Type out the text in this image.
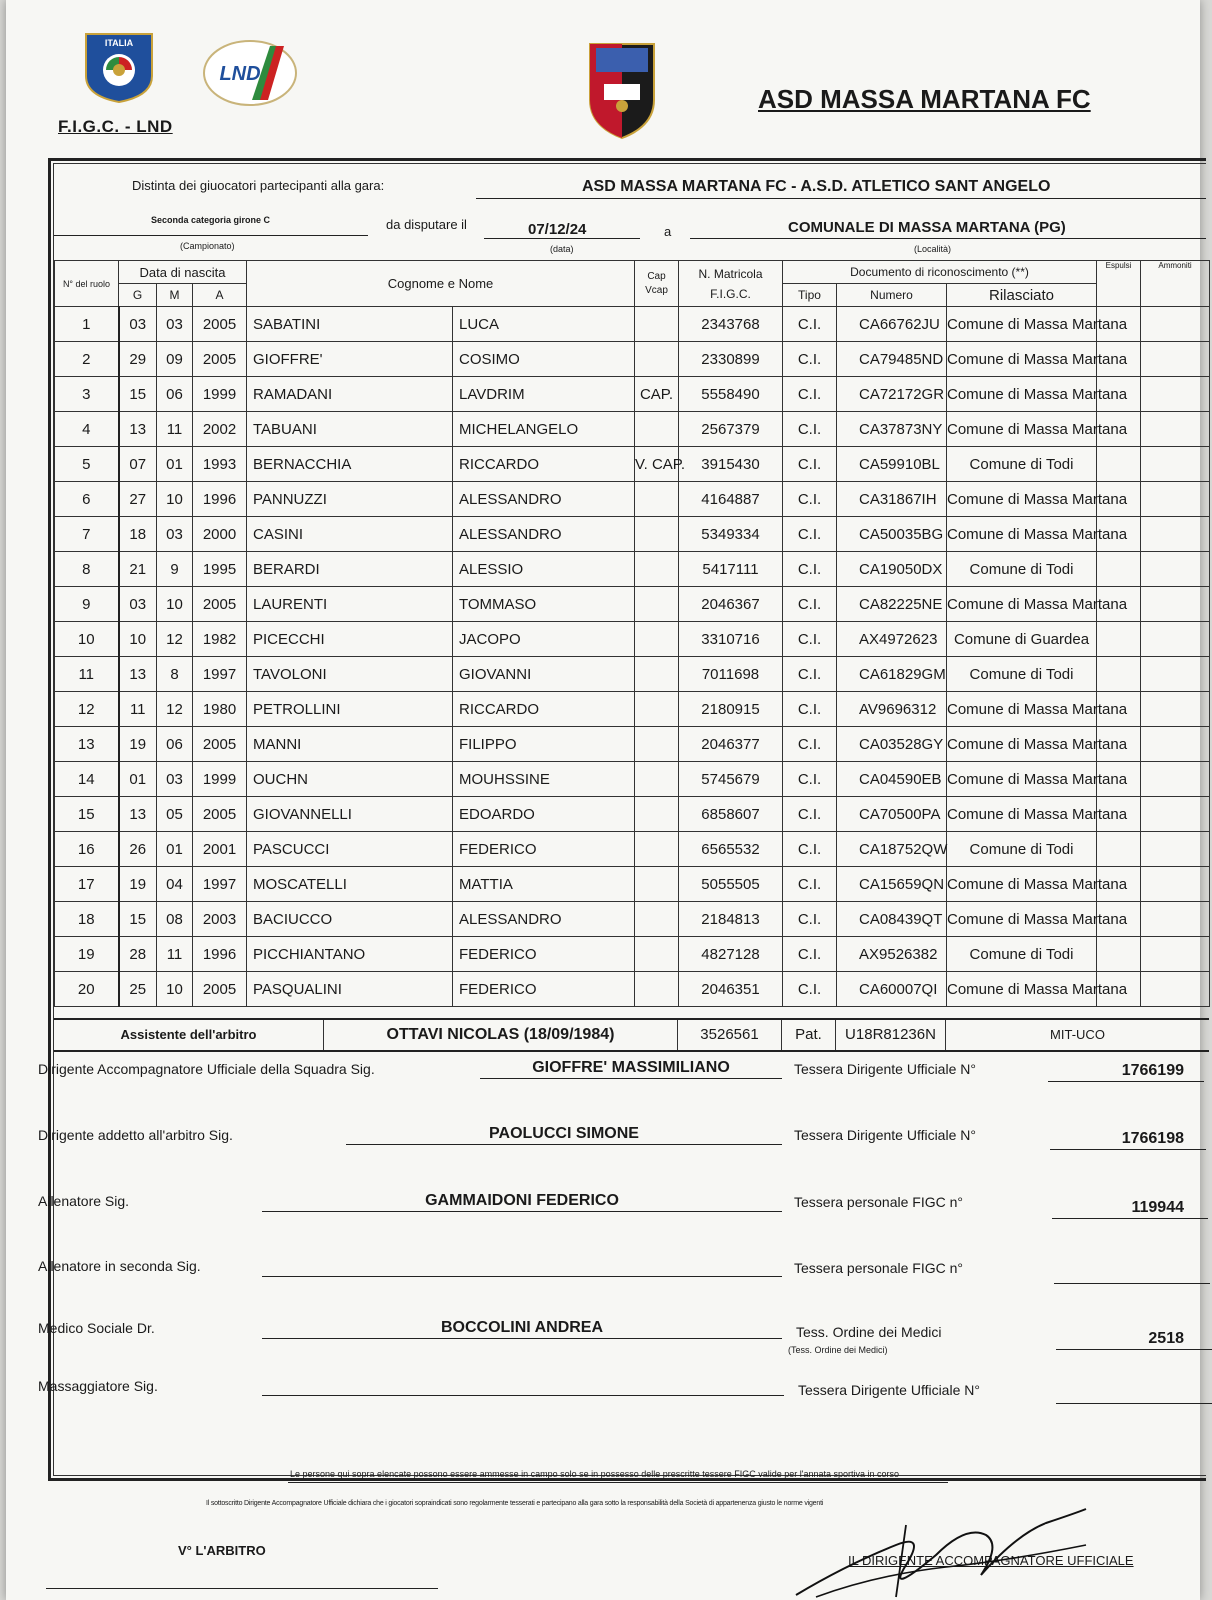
ITALIA
LND
F.I.G.C. - LND
ASD MASSA MARTANA FC
Distinta dei giuocatori partecipanti alla gara:	ASD MASSA MARTANA FC - A.S.D. ATLETICO SANT ANGELO
Seconda categoria girone C
(Campionato)
da disputare il	07/12/24
(data)
a	COMUNALE DI MASSA MARTANA (PG)
(Località)
N° del ruolo	Data di nascita			Cognome e Nome		Cap Vcap	N. Matricola F.I.G.C.	Documento di riconoscimento (**)			Espulsi	Ammoniti
	G	M	A					Tipo	Numero	Rilasciato		
1	03	03	2005	SABATINI	LUCA		2343768	C.I.	CA66762JU	Comune di Massa Martana		
2	29	09	2005	GIOFFRE'	COSIMO		2330899	C.I.	CA79485ND	Comune di Massa Martana		
3	15	06	1999	RAMADANI	LAVDRIM	CAP.	5558490	C.I.	CA72172GR	Comune di Massa Martana		
4	13	11	2002	TABUANI	MICHELANGELO		2567379	C.I.	CA37873NY	Comune di Massa Martana		
5	07	01	1993	BERNACCHIA	RICCARDO	V. CAP.	3915430	C.I.	CA59910BL	Comune di Todi		
6	27	10	1996	PANNUZZI	ALESSANDRO		4164887	C.I.	CA31867IH	Comune di Massa Martana		
7	18	03	2000	CASINI	ALESSANDRO		5349334	C.I.	CA50035BG	Comune di Massa Martana		
8	21	9	1995	BERARDI	ALESSIO		5417111	C.I.	CA19050DX	Comune di Todi		
9	03	10	2005	LAURENTI	TOMMASO		2046367	C.I.	CA82225NE	Comune di Massa Martana		
10	10	12	1982	PICECCHI	JACOPO		3310716	C.I.	AX4972623	Comune di Guardea		
11	13	8	1997	TAVOLONI	GIOVANNI		7011698	C.I.	CA61829GM	Comune di Todi		
12	11	12	1980	PETROLLINI	RICCARDO		2180915	C.I.	AV9696312	Comune di Massa Martana		
13	19	06	2005	MANNI	FILIPPO		2046377	C.I.	CA03528GY	Comune di Massa Martana		
14	01	03	1999	OUCHN	MOUHSSINE		5745679	C.I.	CA04590EB	Comune di Massa Martana		
15	13	05	2005	GIOVANNELLI	EDOARDO		6858607	C.I.	CA70500PA	Comune di Massa Martana		
16	26	01	2001	PASCUCCI	FEDERICO		6565532	C.I.	CA18752QW	Comune di Todi		
17	19	04	1997	MOSCATELLI	MATTIA		5055505	C.I.	CA15659QN	Comune di Massa Martana		
18	15	08	2003	BACIUCCO	ALESSANDRO		2184813	C.I.	CA08439QT	Comune di Massa Martana		
19	28	11	1996	PICCHIANTANO	FEDERICO		4827128	C.I.	AX9526382	Comune di Todi		
20	25	10	2005	PASQUALINI	FEDERICO		2046351	C.I.	CA60007QI	Comune di Massa Martana		
Assistente dell'arbitro	OTTAVI NICOLAS (18/09/1984)	3526561	Pat.	U18R81236N	MIT-UCO
Dirigente Accompagnatore Ufficiale della Squadra Sig.	GIOFFRE' MASSIMILIANO	Tessera Dirigente Ufficiale N°	1766199
Dirigente addetto all'arbitro Sig.	PAOLUCCI SIMONE	Tessera Dirigente Ufficiale N°	1766198
Allenatore Sig.	GAMMAIDONI FEDERICO	Tessera personale FIGC n°	119944
Allenatore in seconda Sig.	Tessera personale FIGC n°
Medico Sociale Dr.	BOCCOLINI ANDREA	Tess. Ordine dei Medici
(Tess. Ordine dei Medici)
2518
Massaggiatore Sig.	Tessera Dirigente Ufficiale N°
Le persone qui sopra elencate possono essere ammesse in campo solo se in possesso delle prescritte tessere FIGC valide per l'annata sportiva in corso
Il sottoscritto Dirigente Accompagnatore Ufficiale dichiara che i giocatori sopraindicati sono regolarmente tesserati e partecipano alla gara sotto la responsabilità della Società di appartenenza giusto le norme vigenti
V° L'ARBITRO
IL DIRIGENTE ACCOMPAGNATORE UFFICIALE
